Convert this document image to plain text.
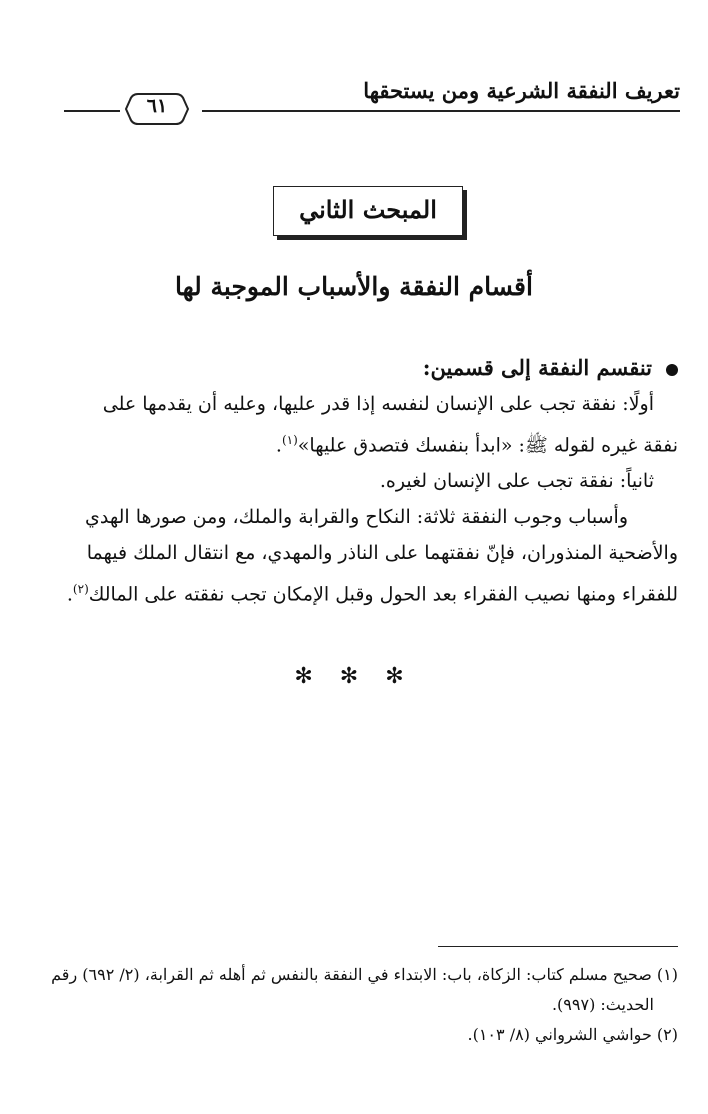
تعريف النفقة الشرعية ومن يستحقها
٦١
المبحث الثاني
أقسام النفقة والأسباب الموجبة لها
تنقسم النفقة إلى قسمين:
أولًا: نفقة تجب على الإنسان لنفسه إذا قدر عليها، وعليه أن يقدمها على
نفقة غيره لقوله ﷺ: «ابدأ بنفسك فتصدق عليها»$^{(١)}$.
ثانياً: نفقة تجب على الإنسان لغيره.
وأسباب وجوب النفقة ثلاثة: النكاح والقرابة والملك، ومن صورها الهدي
والأضحية المنذوران، فإنّ نفقتهما على الناذر والمهدي، مع انتقال الملك فيهما
للفقراء ومنها نصيب الفقراء بعد الحول وقبل الإمكان تجب نفقته على المالك$^{(٢)}$.
✻ ✻ ✻
(١) صحيح مسلم كتاب: الزكاة، باب: الابتداء في النفقة بالنفس ثم أهله ثم القرابة، (٢/ ٦٩٢) رقم
الحديث: (٩٩٧).
(٢) حواشي الشرواني (٨/ ١٠٣).
